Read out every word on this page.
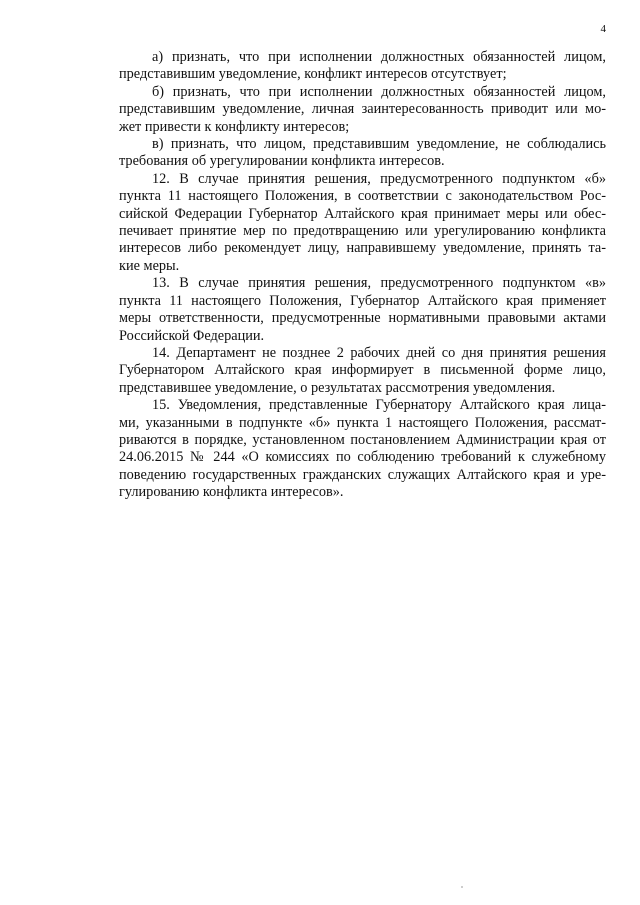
4

а) признать, что при исполнении должностных обязанностей лицом,
представившим уведомление, конфликт интересов отсутствует;

б) признать, что при исполнении должностных обязанностей лицом,
представившим уведомление, личная заинтересованность приводит или мо-
жет привести к конфликту интересов;

в) признать, что лицом, представившим уведомление, не соблюдались
требования об урегулировании конфликта интересов.

12. В случае принятия решения, предусмотренного подпунктом «б»
пункта 11 настоящего Положения, в соответствии с законодательством Рос-
сийской Федерации Губернатор Алтайского края принимает меры или обес-
печивает принятие мер по предотвращению или урегулированию конфликта
интересов либо рекомендует лицу, направившему уведомление, принять та-
кие меры.

13. В случае принятия решения, предусмотренного подпунктом «в»
пункта 11 настоящего Положения, Губернатор Алтайского края применяет
меры ответственности, предусмотренные нормативными правовыми актами
Российской Федерации.

14. Департамент не позднее 2 рабочих дней со дня принятия решения
Губернатором Алтайского края информирует в письменной форме лицо,
представившее уведомление, о результатах рассмотрения уведомления.

15. Уведомления, представленные Губернатору Алтайского края лица-
ми, указанными в подпункте «б» пункта 1 настоящего Положения, рассмат-
риваются в порядке, установленном постановлением Администрации края от
24.06.2015 № 244 «О комиссиях по соблюдению требований к служебному
поведению государственных гражданских служащих Алтайского края и уре-
гулированию конфликта интересов».
